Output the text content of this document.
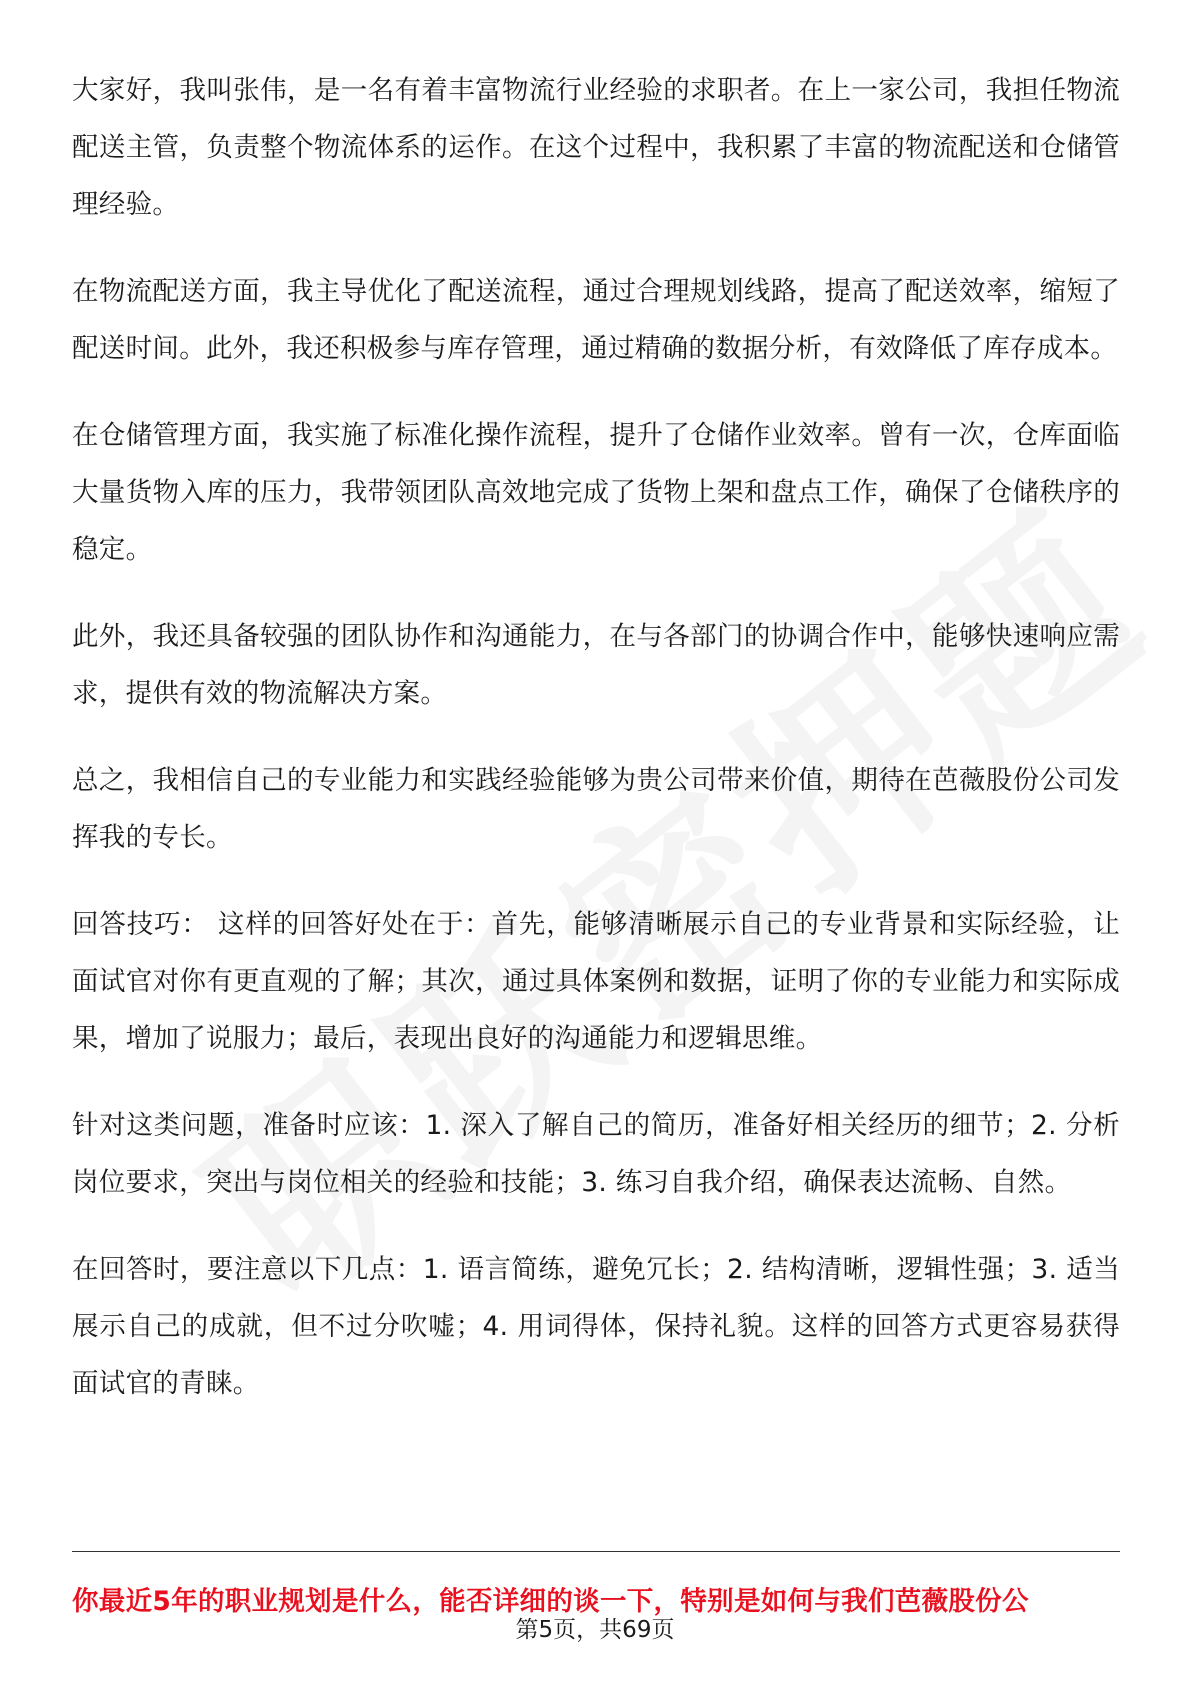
大家好，我叫张伟，是一名有着丰富物流行业经验的求职者。在上一家公司，我担任物流配送主管，负责整个物流体系的运作。在这个过程中，我积累了丰富的物流配送和仓储管理经验。

在物流配送方面，我主导优化了配送流程，通过合理规划线路，提高了配送效率，缩短了配送时间。此外，我还积极参与库存管理，通过精确的数据分析，有效降低了库存成本。

在仓储管理方面，我实施了标准化操作流程，提升了仓储作业效率。曾有一次，仓库面临大量货物入库的压力，我带领团队高效地完成了货物上架和盘点工作，确保了仓储秩序的稳定。

此外，我还具备较强的团队协作和沟通能力，在与各部门的协调合作中，能够快速响应需求，提供有效的物流解决方案。

总之，我相信自己的专业能力和实践经验能够为贵公司带来价值，期待在芭薇股份公司发挥我的专长。

回答技巧： 这样的回答好处在于：首先，能够清晰展示自己的专业背景和实际经验，让面试官对你有更直观的了解；其次，通过具体案例和数据，证明了你的专业能力和实际成果，增加了说服力；最后，表现出良好的沟通能力和逻辑思维。

针对这类问题，准备时应该：1. 深入了解自己的简历，准备好相关经历的细节；2. 分析岗位要求，突出与岗位相关的经验和技能；3. 练习自我介绍，确保表达流畅、自然。

在回答时，要注意以下几点：1. 语言简练，避免冗长；2. 结构清晰，逻辑性强；3. 适当展示自己的成就，但不过分吹嘘；4. 用词得体，保持礼貌。这样的回答方式更容易获得面试官的青睐。

你最近5年的职业规划是什么，能否详细的谈一下，特别是如何与我们芭薇股份公
第5页，共69页
